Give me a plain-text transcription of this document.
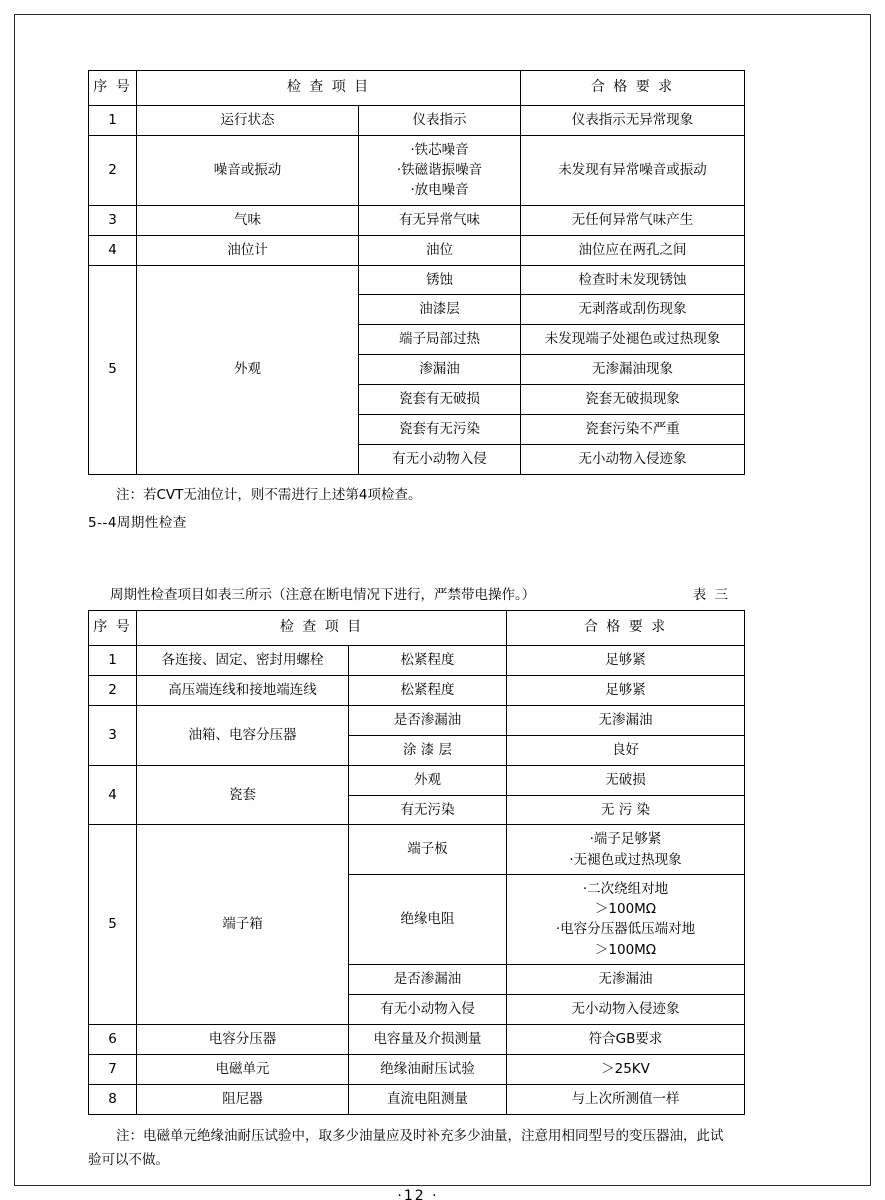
序 号	检 查 项 目		合 格 要 求
1	运行状态	仪表指示	仪表指示无异常现象
2	噪音或振动	·铁芯噪音
·铁磁谐振噪音
·放电噪音	未发现有异常噪音或振动
3	气味	有无异常气味	无任何异常气味产生
4	油位计	油位	油位应在两孔之间
5	外观	锈蚀	检查时未发现锈蚀
		油漆层	无剥落或刮伤现象
		端子局部过热	未发现端子处褪色或过热现象
		渗漏油	无渗漏油现象
		瓷套有无破损	瓷套无破损现象
		瓷套有无污染	瓷套污染不严重
		有无小动物入侵	无小动物入侵迹象

注：若CVT无油位计，则不需进行上述第4项检查。

5--4周期性检查

周期性检查项目如表三所示（注意在断电情况下进行，严禁带电操作。）	表 三
序 号	检 查 项 目		合 格 要 求
1	各连接、固定、密封用螺栓	松紧程度	足够紧
2	高压端连线和接地端连线	松紧程度	足够紧
3	油箱、电容分压器	是否渗漏油	无渗漏油
		涂 漆 层	良好
4	瓷套	外观	无破损
		有无污染	无 污 染
5	端子箱	端子板	·端子足够紧
·无褪色或过热现象

		绝缘电阻	·二次绕组对地
＞100MΩ
·电容分压器低压端对地
＞100MΩ

		是否渗漏油	无渗漏油
		有无小动物入侵	无小动物入侵迹象
6	电容分压器	电容量及介损测量	符合GB要求
7	电磁单元	绝缘油耐压试验	＞25KV
8	阻尼器	直流电阻测量	与上次所测值一样
注：电磁单元绝缘油耐压试验中，取多少油量应及时补充多少油量，注意用相同型号的变压器油，此试
验可以不做。
·12 ·
